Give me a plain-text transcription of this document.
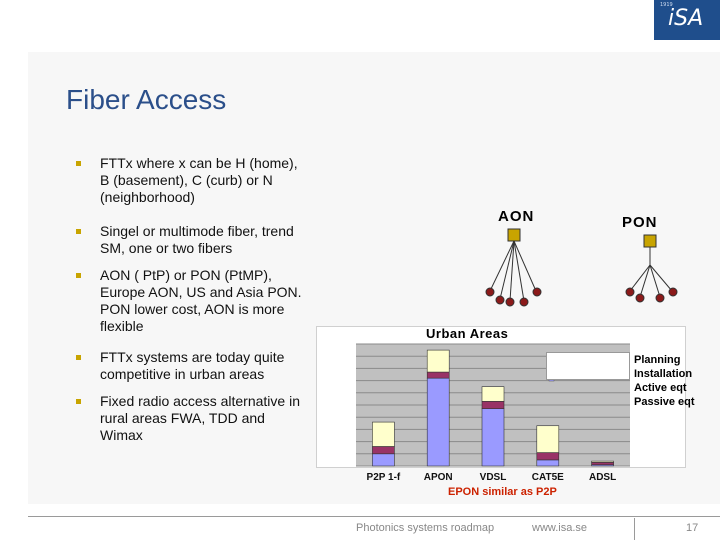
1919
iSA
Fiber Access
FTTx where x can be H (home),
B (basement), C (curb) or N
(neighborhood)
Singel or multimode fiber, trend
SM, one or two fibers
AON ( PtP) or PON (PtMP),
Europe AON, US and Asia PON.
PON lower cost, AON is more
flexible
FTTx systems are today quite
competitive in urban areas
Fixed radio access alternative in
rural areas FWA, TDD and
Wimax
AON	PON
Urban Areas
P2P 1-f APON	VDSL	CAT5E	ADSL
Planning
Installation
Active eqt
Passive eqt
EPON similar as P2P
Photonics systems roadmap	www.isa.se	17
